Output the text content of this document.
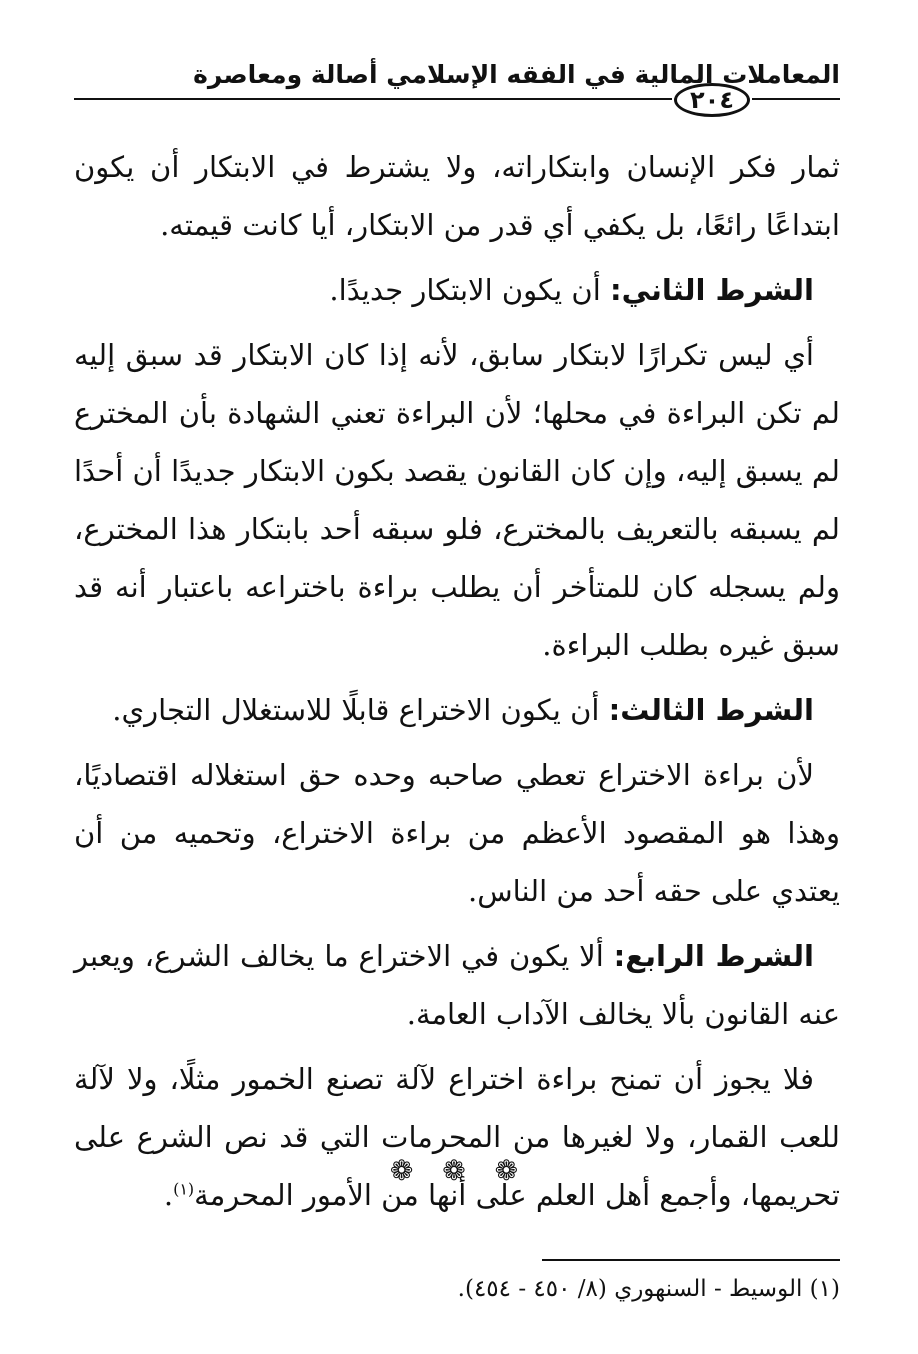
المعاملات المالية في الفقه الإسلامي أصالة ومعاصرة
٢٠٤

ثمار فكر الإنسان وابتكاراته، ولا يشترط في الابتكار أن يكون ابتداعًا رائعًا، بل يكفي أي قدر من الابتكار، أيا كانت قيمته.

الشرط الثاني: أن يكون الابتكار جديدًا.

أي ليس تكرارًا لابتكار سابق، لأنه إذا كان الابتكار قد سبق إليه لم تكن البراءة في محلها؛ لأن البراءة تعني الشهادة بأن المخترع لم يسبق إليه، وإن كان القانون يقصد بكون الابتكار جديدًا أن أحدًا لم يسبقه بالتعريف بالمخترع، فلو سبقه أحد بابتكار هذا المخترع، ولم يسجله كان للمتأخر أن يطلب براءة باختراعه باعتبار أنه قد سبق غيره بطلب البراءة.

الشرط الثالث: أن يكون الاختراع قابلًا للاستغلال التجاري.

لأن براءة الاختراع تعطي صاحبه وحده حق استغلاله اقتصاديًا، وهذا هو المقصود الأعظم من براءة الاختراع، وتحميه من أن يعتدي على حقه أحد من الناس.

الشرط الرابع: ألا يكون في الاختراع ما يخالف الشرع، ويعبر عنه القانون بألا يخالف الآداب العامة.

فلا يجوز أن تمنح براءة اختراع لآلة تصنع الخمور مثلًا، ولا لآلة للعب القمار، ولا لغيرها من المحرمات التي قد نص الشرع على تحريمها، وأجمع أهل العلم على أنها من الأمور المحرمة$^{(١)}$.

❁ ❁ ❁
(١) الوسيط - السنهوري (٨/ ٤٥٠ - ٤٥٤).
